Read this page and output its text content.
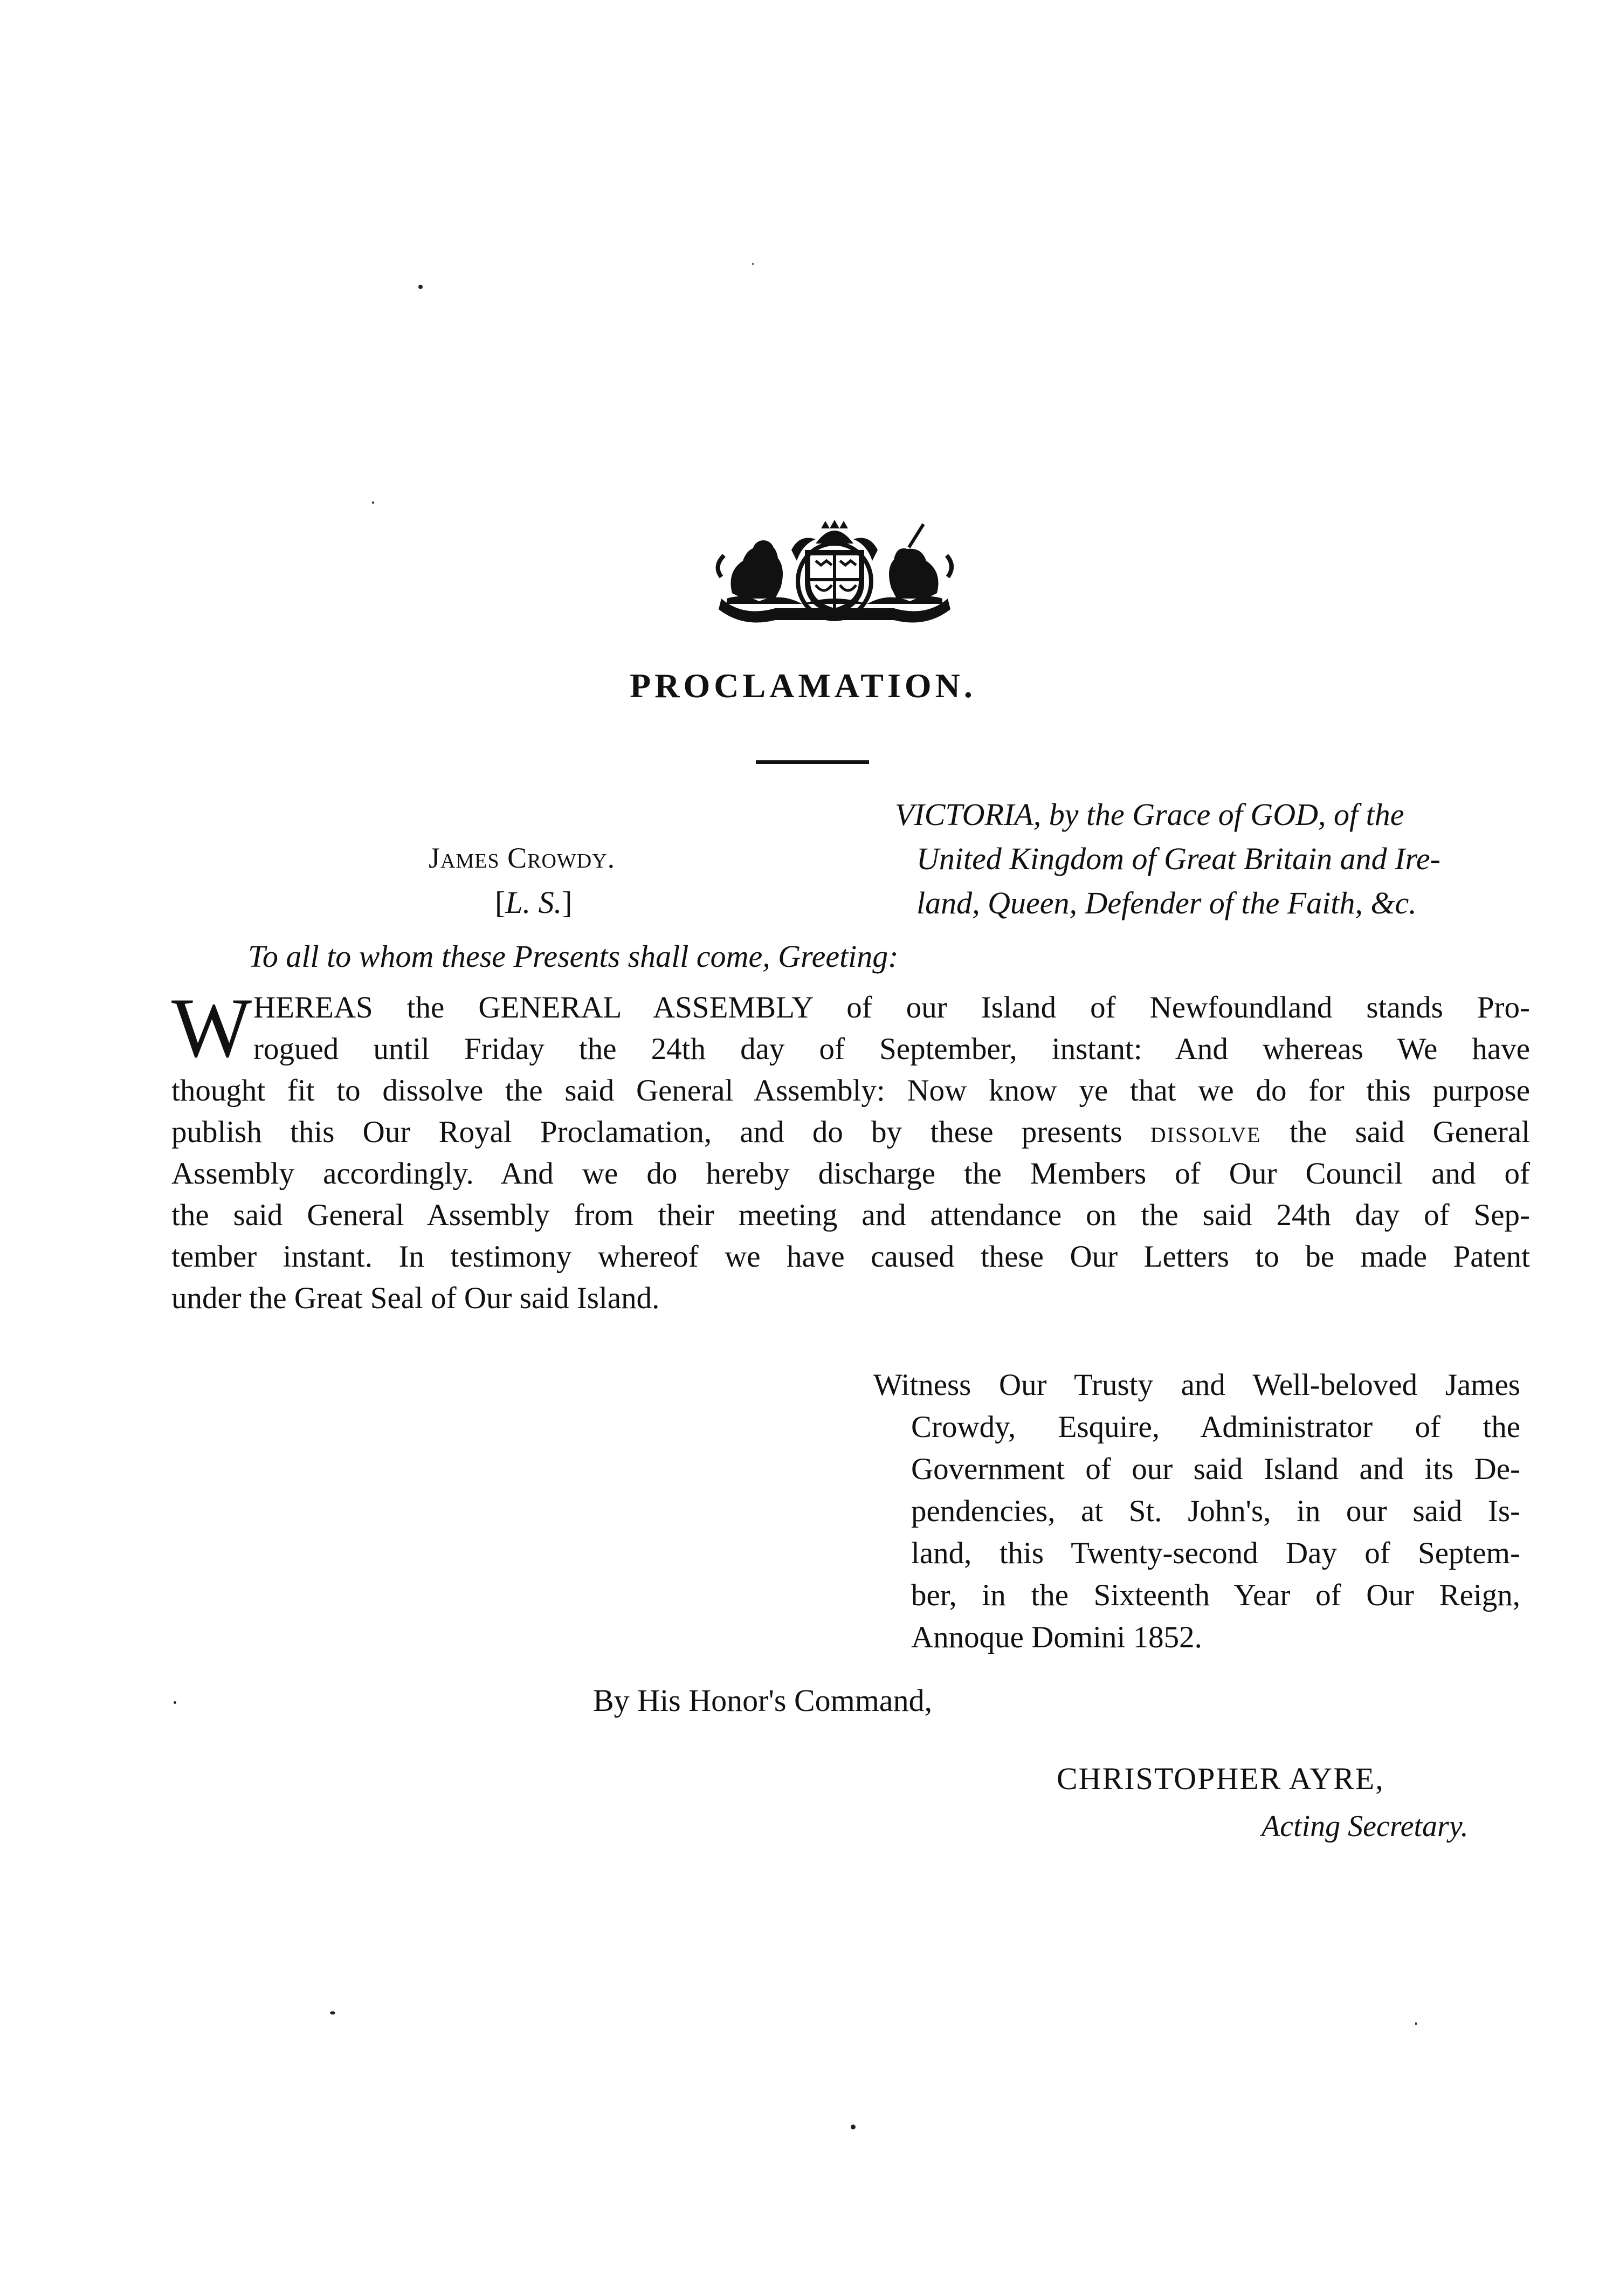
PROCLAMATION.
James Crowdy.
[L. S.]
VICTORIA, by the Grace of GOD, of the
United Kingdom of Great Britain and Ire-
land, Queen, Defender of the Faith, &c.
To all to whom these Presents shall come, Greeting:
W HEREAS the GENERAL ASSEMBLY of our Island of Newfoundland stands Pro-
rogued until Friday the 24th day of September, instant: And whereas We have
thought fit to dissolve the said General Assembly: Now know ye that we do for this purpose
publish this Our Royal Proclamation, and do by these presents dissolve the said General
Assembly accordingly. And we do hereby discharge the Members of Our Council and of
the said General Assembly from their meeting and attendance on the said 24th day of Sep-
tember instant. In testimony whereof we have caused these Our Letters to be made Patent
under the Great Seal of Our said Island.
Witness Our Trusty and Well-beloved James
Crowdy, Esquire, Administrator of the
Government of our said Island and its De-
pendencies, at St. John's, in our said Is-
land, this Twenty-second Day of Septem-
ber, in the Sixteenth Year of Our Reign,
Annoque Domini 1852.
By His Honor's Command,
CHRISTOPHER AYRE,
Acting Secretary.
